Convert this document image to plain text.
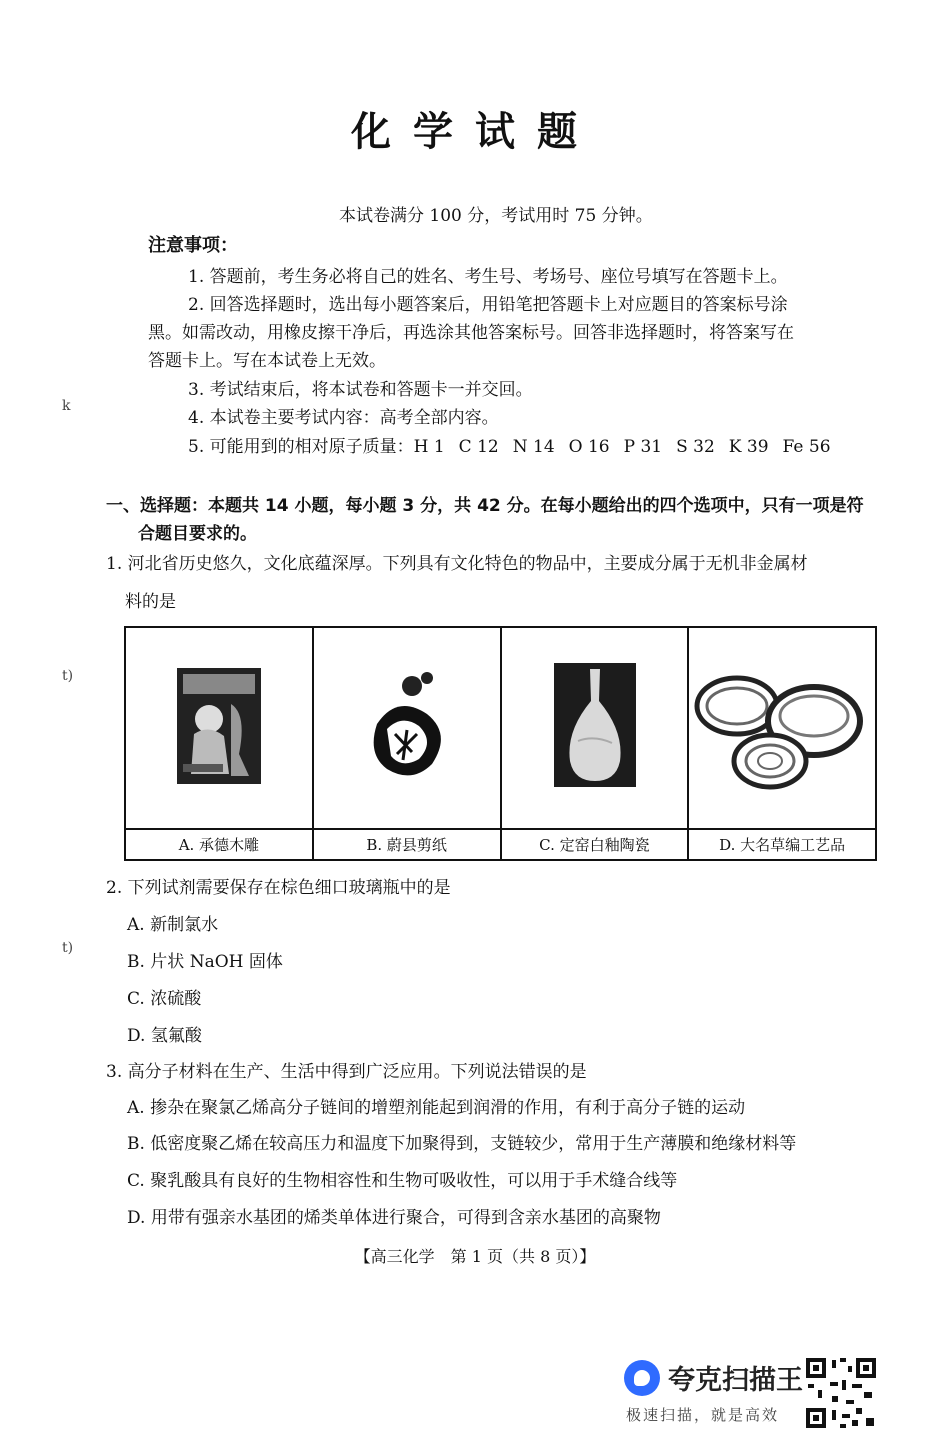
化学试题
本试卷满分 100 分，考试用时 75 分钟。
注意事项：
1. 答题前，考生务必将自己的姓名、考生号、考场号、座位号填写在答题卡上。
2. 回答选择题时，选出每小题答案后，用铅笔把答题卡上对应题目的答案标号涂
黑。如需改动，用橡皮擦干净后，再选涂其他答案标号。回答非选择题时，将答案写在
答题卡上。写在本试卷上无效。
3. 考试结束后，将本试卷和答题卡一并交回。
4. 本试卷主要考试内容：高考全部内容。
5. 可能用到的相对原子质量：H 1 C 12 N 14 O 16 P 31 S 32 K 39 Fe 56
一、选择题：本题共 14 小题，每小题 3 分，共 42 分。在每小题给出的四个选项中，只有一项是符
合题目要求的。
1. 河北省历史悠久，文化底蕴深厚。下列具有文化特色的物品中，主要成分属于无机非金属材
料的是

A. 承德木雕	B. 蔚县剪纸	C. 定窑白釉陶瓷	D. 大名草编工艺品
2. 下列试剂需要保存在棕色细口玻璃瓶中的是
A. 新制氯水
B. 片状 NaOH 固体
C. 浓硫酸
D. 氢氟酸
3. 高分子材料在生产、生活中得到广泛应用。下列说法错误的是
A. 掺杂在聚氯乙烯高分子链间的增塑剂能起到润滑的作用，有利于高分子链的运动
B. 低密度聚乙烯在较高压力和温度下加聚得到，支链较少，常用于生产薄膜和绝缘材料等
C. 聚乳酸具有良好的生物相容性和生物可吸收性，可以用于手术缝合线等
D. 用带有强亲水基团的烯类单体进行聚合，可得到含亲水基团的高聚物
【高三化学　第 1 页（共 8 页）】
k
t)
t)
夸克扫描王
极速扫描，就是高效
